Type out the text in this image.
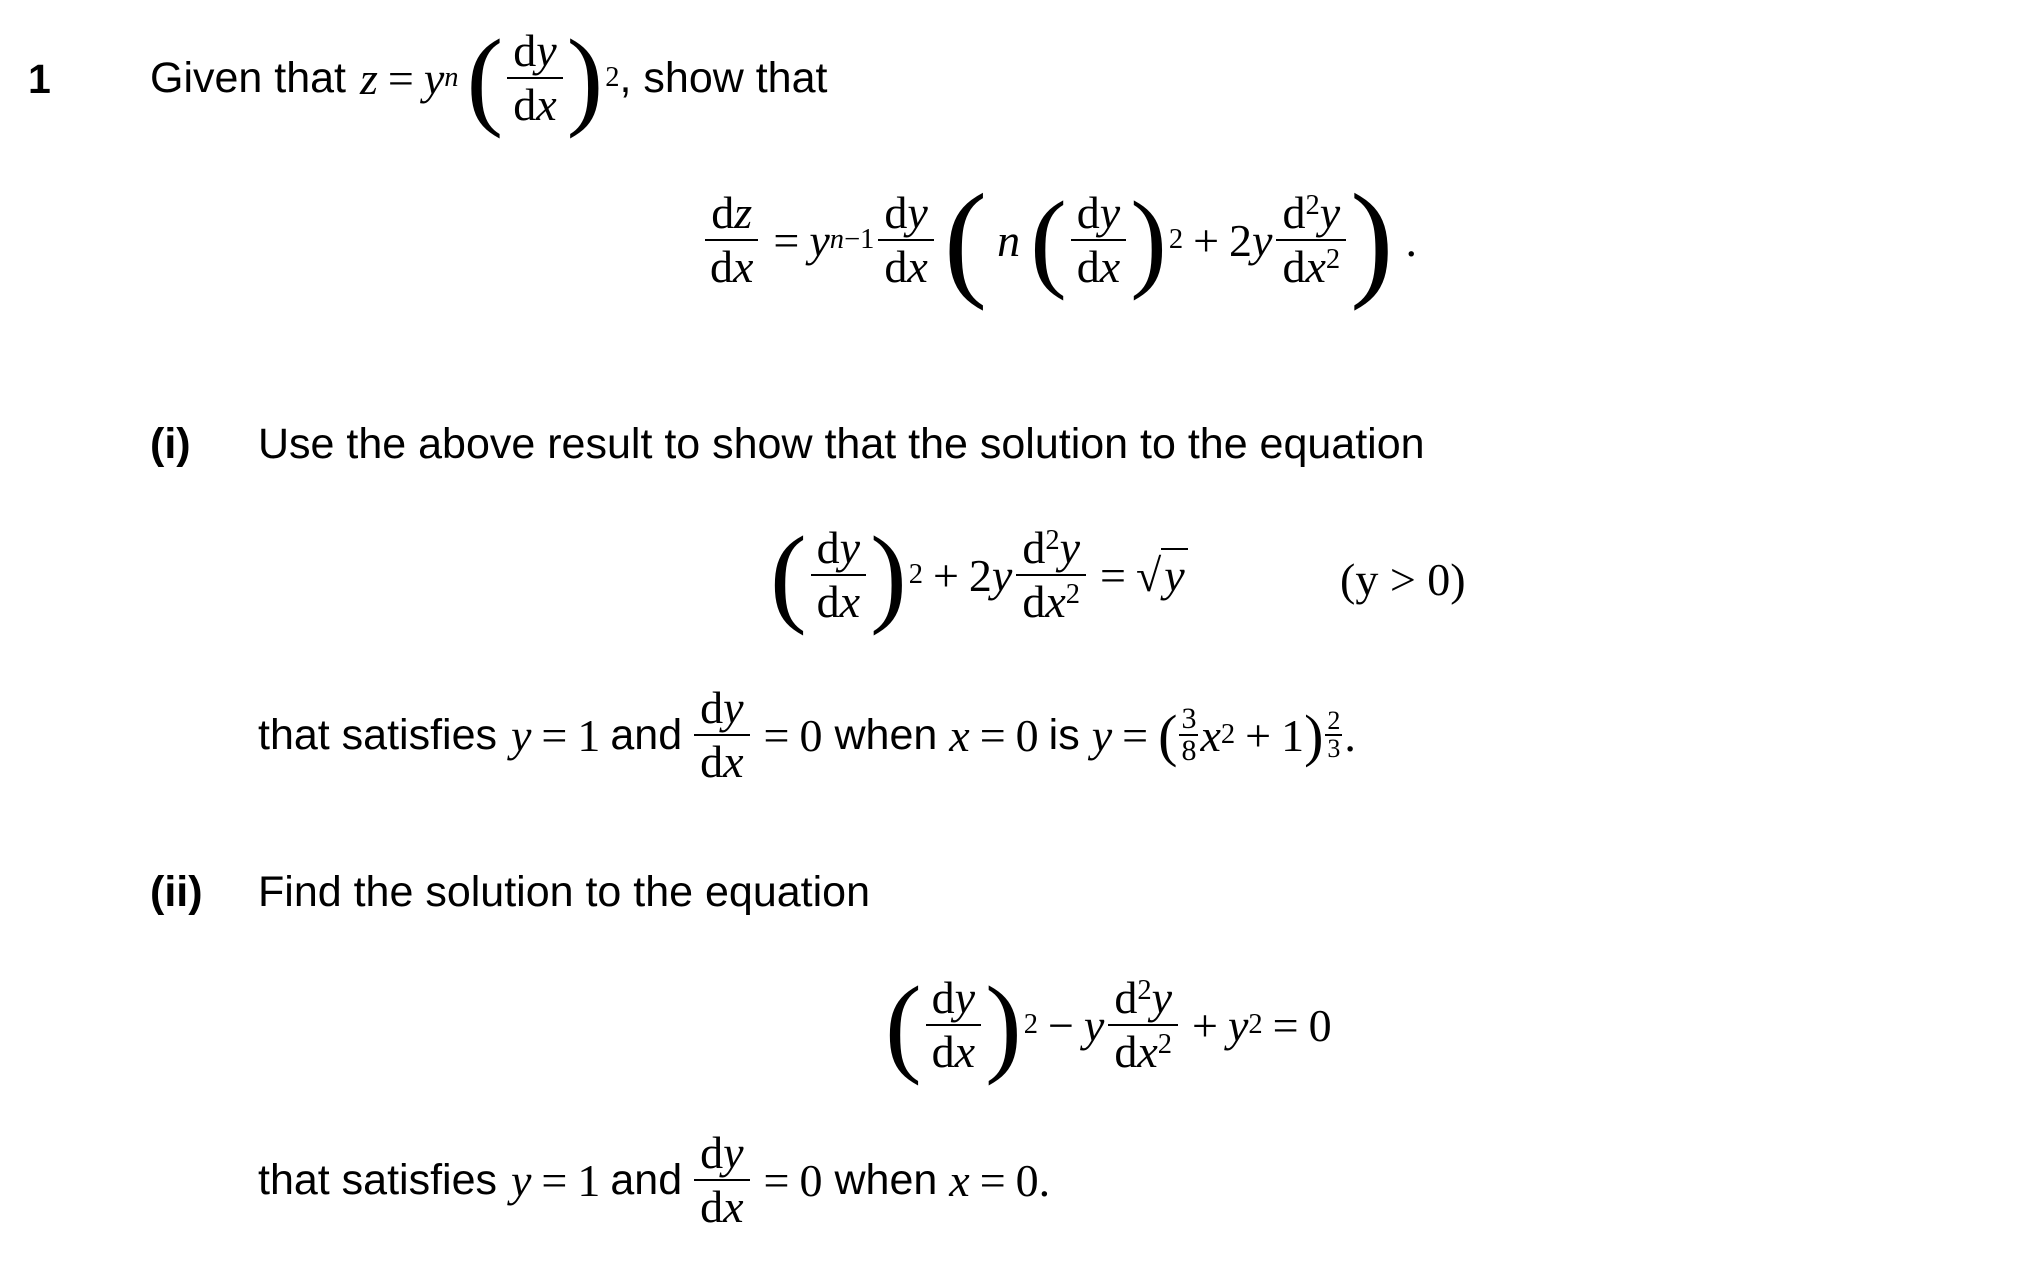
1 Given that z = y n ( $\frac{dy}{dx}$ ) 2 , show that
$\frac{dz}{dx} = y$ $n-1 \frac{dy}{dx}$ ( n ( $\frac{dy}{dx}$ ) 2 + 2 y $\frac{d^2y}{dx^2}$ ) .
(i) Use the above result to show that the solution to the equation
( $\frac{dy}{dx}$ ) 2 + 2 y $\frac{d^2y}{dx^2} = √y$	(y > 0)
that satisfies y = 1 and $\frac{dy}{dx} = 0$ when x = 0 is y = ( $\frac{3}{8}$ x 2 + 1 ) $\frac{2}{3}$ .
(ii) Find the solution to the equation
( $\frac{dy}{dx}$ ) 2 − y $\frac{d^2y}{dx^2} + y$ 2 = 0
that satisfies y = 1 and $\frac{dy}{dx} = 0$ when x = 0.
